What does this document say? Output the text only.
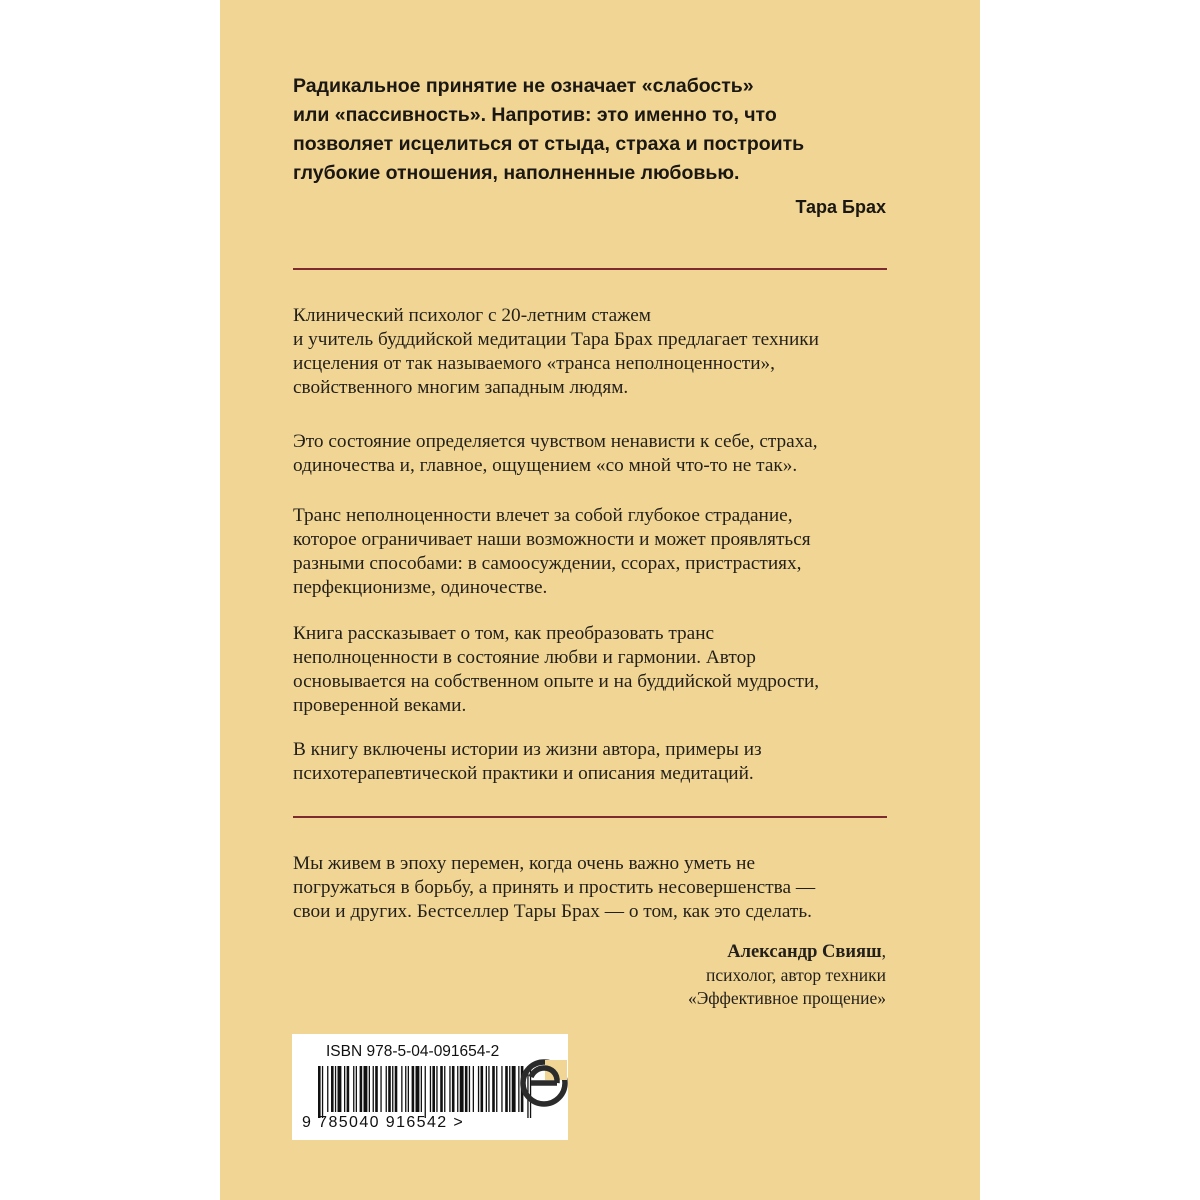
Радикальное принятие не означает «слабость»
или «пассивность». Напротив: это именно то, что
позволяет исцелиться от стыда, страха и построить
глубокие отношения, наполненные любовью.
Тара Брах
Клинический психолог с 20-летним стажем
и учитель буддийской медитации Тара Брах предлагает техники
исцеления от так называемого «транса неполноценности»,
свойственного многим западным людям.
Это состояние определяется чувством ненависти к себе, страха,
одиночества и, главное, ощущением «со мной что-то не так».
Транс неполноценности влечет за собой глубокое страдание,
которое ограничивает наши возможности и может проявляться
разными способами: в самоосуждении, ссорах, пристрастиях,
перфекционизме, одиночестве.
Книга рассказывает о том, как преобразовать транс
неполноценности в состояние любви и гармонии. Автор
основывается на собственном опыте и на буддийской мудрости,
проверенной веками.
В книгу включены истории из жизни автора, примеры из
психотерапевтической практики и описания медитаций.
Мы живем в эпоху перемен, когда очень важно уметь не
погружаться в борьбу, а принять и простить несовершенства —
свои и других. Бестселлер Тары Брах — о том, как это сделать.
Александр Свияш,
психолог, автор техники
«Эффективное прощение»
ISBN 978-5-04-091654-2
9 785040 916542 >
